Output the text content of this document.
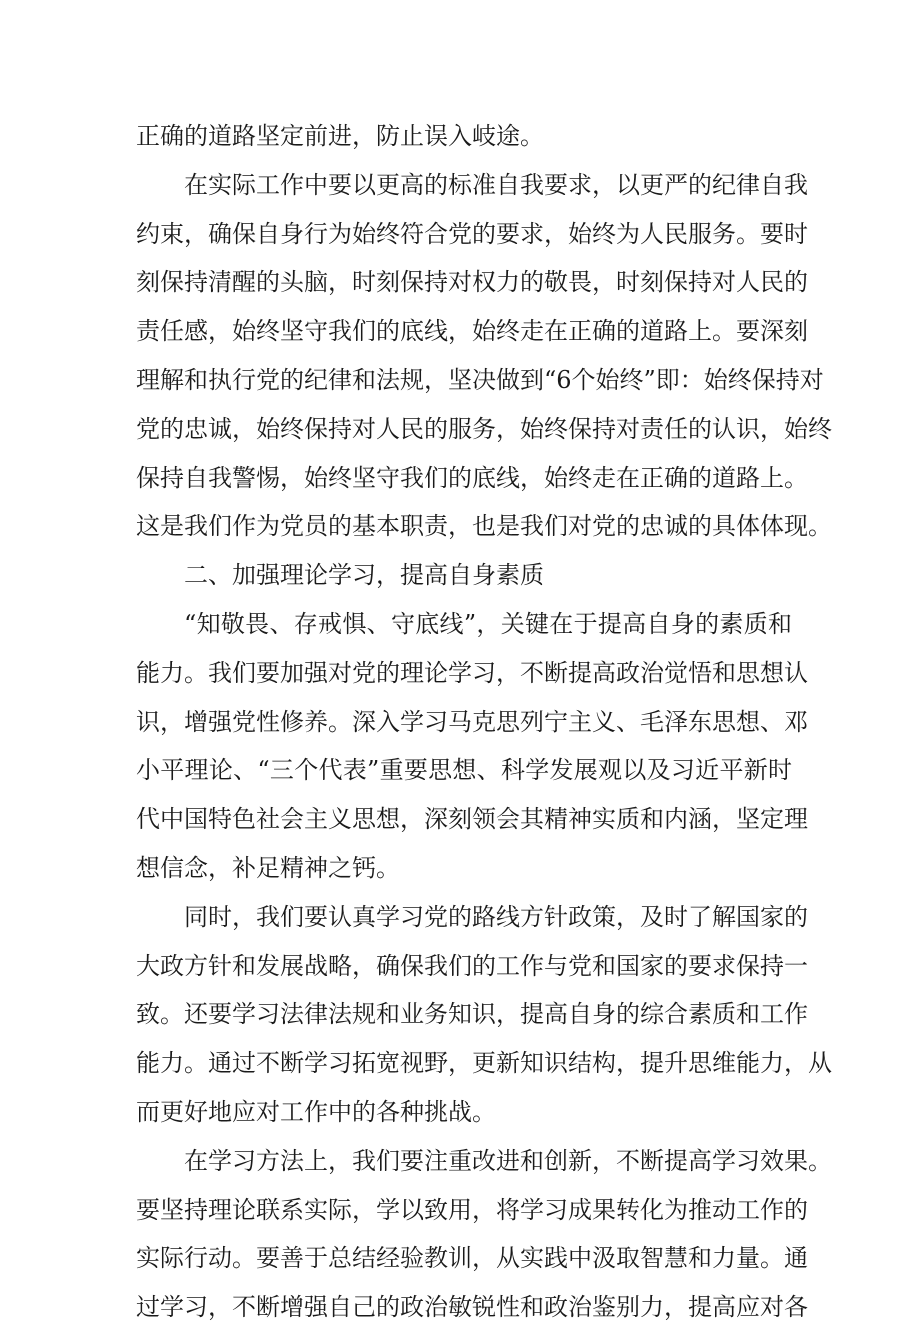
正确的道路坚定前进，防止误入岐途。
在实际工作中要以更高的标准自我要求，以更严的纪律自我
约束，确保自身行为始终符合党的要求，始终为人民服务。要时
刻保持清醒的头脑，时刻保持对权力的敬畏，时刻保持对人民的
责任感，始终坚守我们的底线，始终走在正确的道路上。要深刻
理解和执行党的纪律和法规，坚决做到“6个始终”即：始终保持对
党的忠诚，始终保持对人民的服务，始终保持对责任的认识，始终
保持自我警惕，始终坚守我们的底线，始终走在正确的道路上。
这是我们作为党员的基本职责，也是我们对党的忠诚的具体体现。
二、加强理论学习，提高自身素质
“知敬畏、存戒惧、守底线”，关键在于提高自身的素质和
能力。我们要加强对党的理论学习，不断提高政治觉悟和思想认
识，增强党性修养。深入学习马克思列宁主义、毛泽东思想、邓
小平理论、“三个代表”重要思想、科学发展观以及习近平新时
代中国特色社会主义思想，深刻领会其精神实质和内涵，坚定理
想信念，补足精神之钙。
同时，我们要认真学习党的路线方针政策，及时了解国家的
大政方针和发展战略，确保我们的工作与党和国家的要求保持一
致。还要学习法律法规和业务知识，提高自身的综合素质和工作
能力。通过不断学习拓宽视野，更新知识结构，提升思维能力，从
而更好地应对工作中的各种挑战。
在学习方法上，我们要注重改进和创新，不断提高学习效果。
要坚持理论联系实际，学以致用，将学习成果转化为推动工作的
实际行动。要善于总结经验教训，从实践中汲取智慧和力量。通
过学习，不断增强自己的政治敏锐性和政治鉴别力，提高应对各
